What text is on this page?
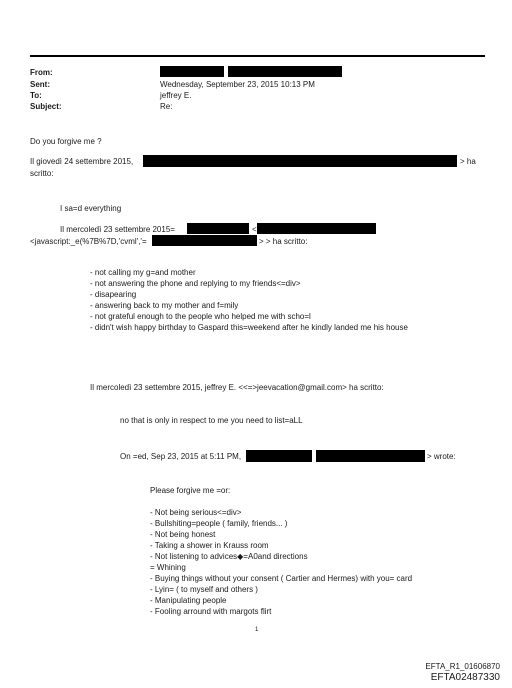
From:
Sent:	Wednesday, September 23, 2015 10:13 PM
To:	jeffrey E.
Subject:	Re:
Do you forgive me ?
Il giovedì 24 settembre 2015,	> ha
scritto:
I sa=d everything
Il mercoledì 23 settembre 2015=	<
<javascript:_e(%7B%7D,'cvml','=	> > ha scritto:
- not calling my g=and mother
- not answering the phone and replying to my friends<=div>
- disapearing
- answering back to my mother and f=mily
- not grateful enough to the people who helped me with scho=l
- didn't wish happy birthday to Gaspard this=weekend after he kindly landed me his house
Il mercoledì 23 settembre 2015, jeffrey E. <<=>jeevacation@gmail.com> ha scritto:
no that is only in respect to me you need to list=aLL
On =ed, Sep 23, 2015 at 5:11 PM,	> wrote:
Please forgive me =or:
- Not being serious<=div>
- Bullshiting=people ( family, friends... )
- Not being honest
- Taking a shower in Krauss room
- Not listening to advices◆=A0and directions
= Whining
- Buying things without your consent ( Cartier and Hermes) with you= card
- Lyin= ( to myself and others )
- Manipulating people
- Fooling arround with margots flirt
1
EFTA_R1_01606870
EFTA02487330
